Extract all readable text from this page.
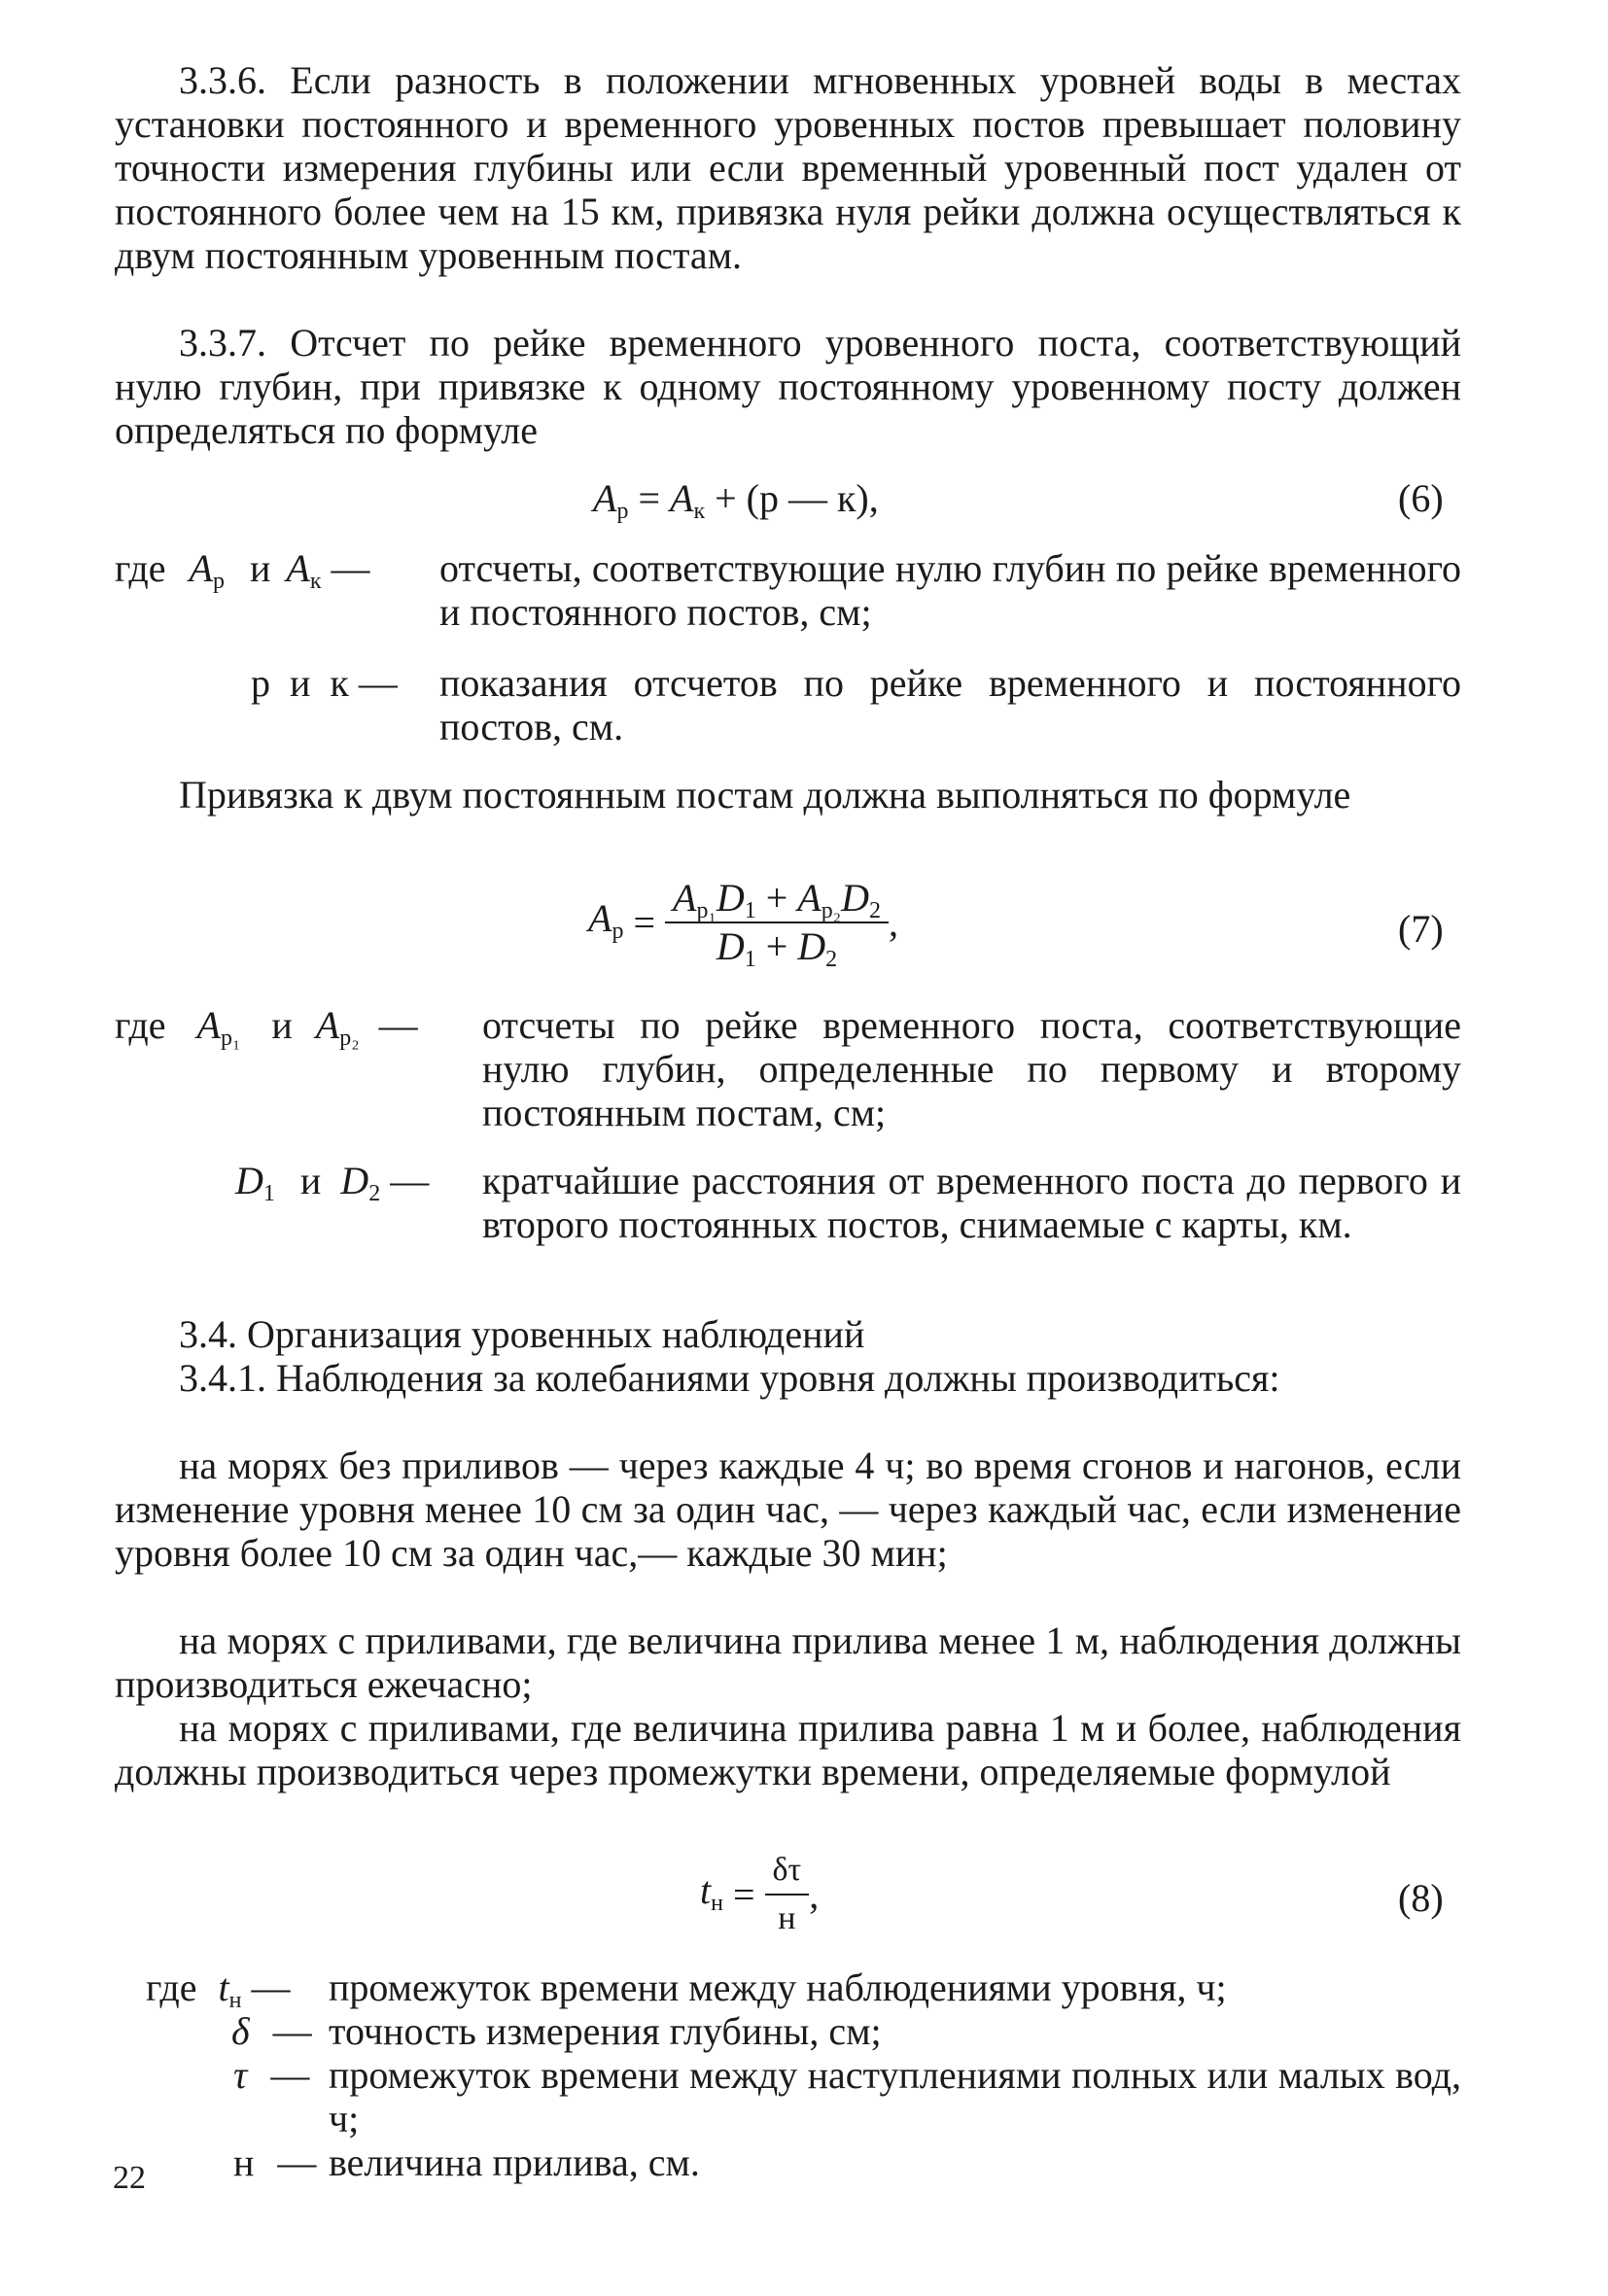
3.3.6. Если разность в положении мгновенных уровней воды в местах установки постоянного и временного уровенных постов превышает половину точности измерения глубины или если временный уровенный пост удален от постоянного более чем на 15 км, привязка нуля рейки должна осуществляться к двум постоянным уровенным постам.

3.3.7. Отсчет по рейке временного уровенного поста, соответствующий нулю глубин, при привязке к одному постоянному уровенному посту должен определяться по формуле

$A_р = A_к + (р$ — к),	(6)
где $A_р$ и $A_к$ — отсчеты, соответствующие нулю глубин по рейке временного и постоянного постов, см;
р и к — показания отсчетов по рейке временного и постоянного постов, см.

Привязка к двум постоянным постам должна выполняться по формуле

$A_р = \frac{A_{р_1}D_1 + A_{р_2}D_2}{D_1 + D_2}$ ,	(7)
где $A_{р_1}$ и $A_{р_2}$ — отсчеты по рейке временного поста, соответствующие нулю глубин, определенные по первому и второму постоянным постам, см;
$D_1$ и $D_2$ — кратчайшие расстояния от временного поста до первого и второго постоянных постов, снимаемые с карты, км.
3.4. Организация уровенных наблюдений

3.4.1. Наблюдения за колебаниями уровня должны производиться:

на морях без приливов — через каждые 4 ч; во время сгонов и нагонов, если изменение уровня менее 10 см за один час, — через каждый час, если изменение уровня более 10 см за один час,— каждые 30 мин;

на морях с приливами, где величина прилива менее 1 м, наблюдения должны производиться ежечасно;

на морях с приливами, где величина прилива равна 1 м и более, наблюдения должны производиться через промежутки времени, определяемые формулой

$t_н = \frac{\delta\tau}{н}$ ,	(8)
где $t_н$ — промежуток времени между наблюдениями уровня, ч;
δ — точность измерения глубины, см;
τ — промежуток времени между наступлениями полных или малых вод, ч;
н — величина прилива, см.
22
